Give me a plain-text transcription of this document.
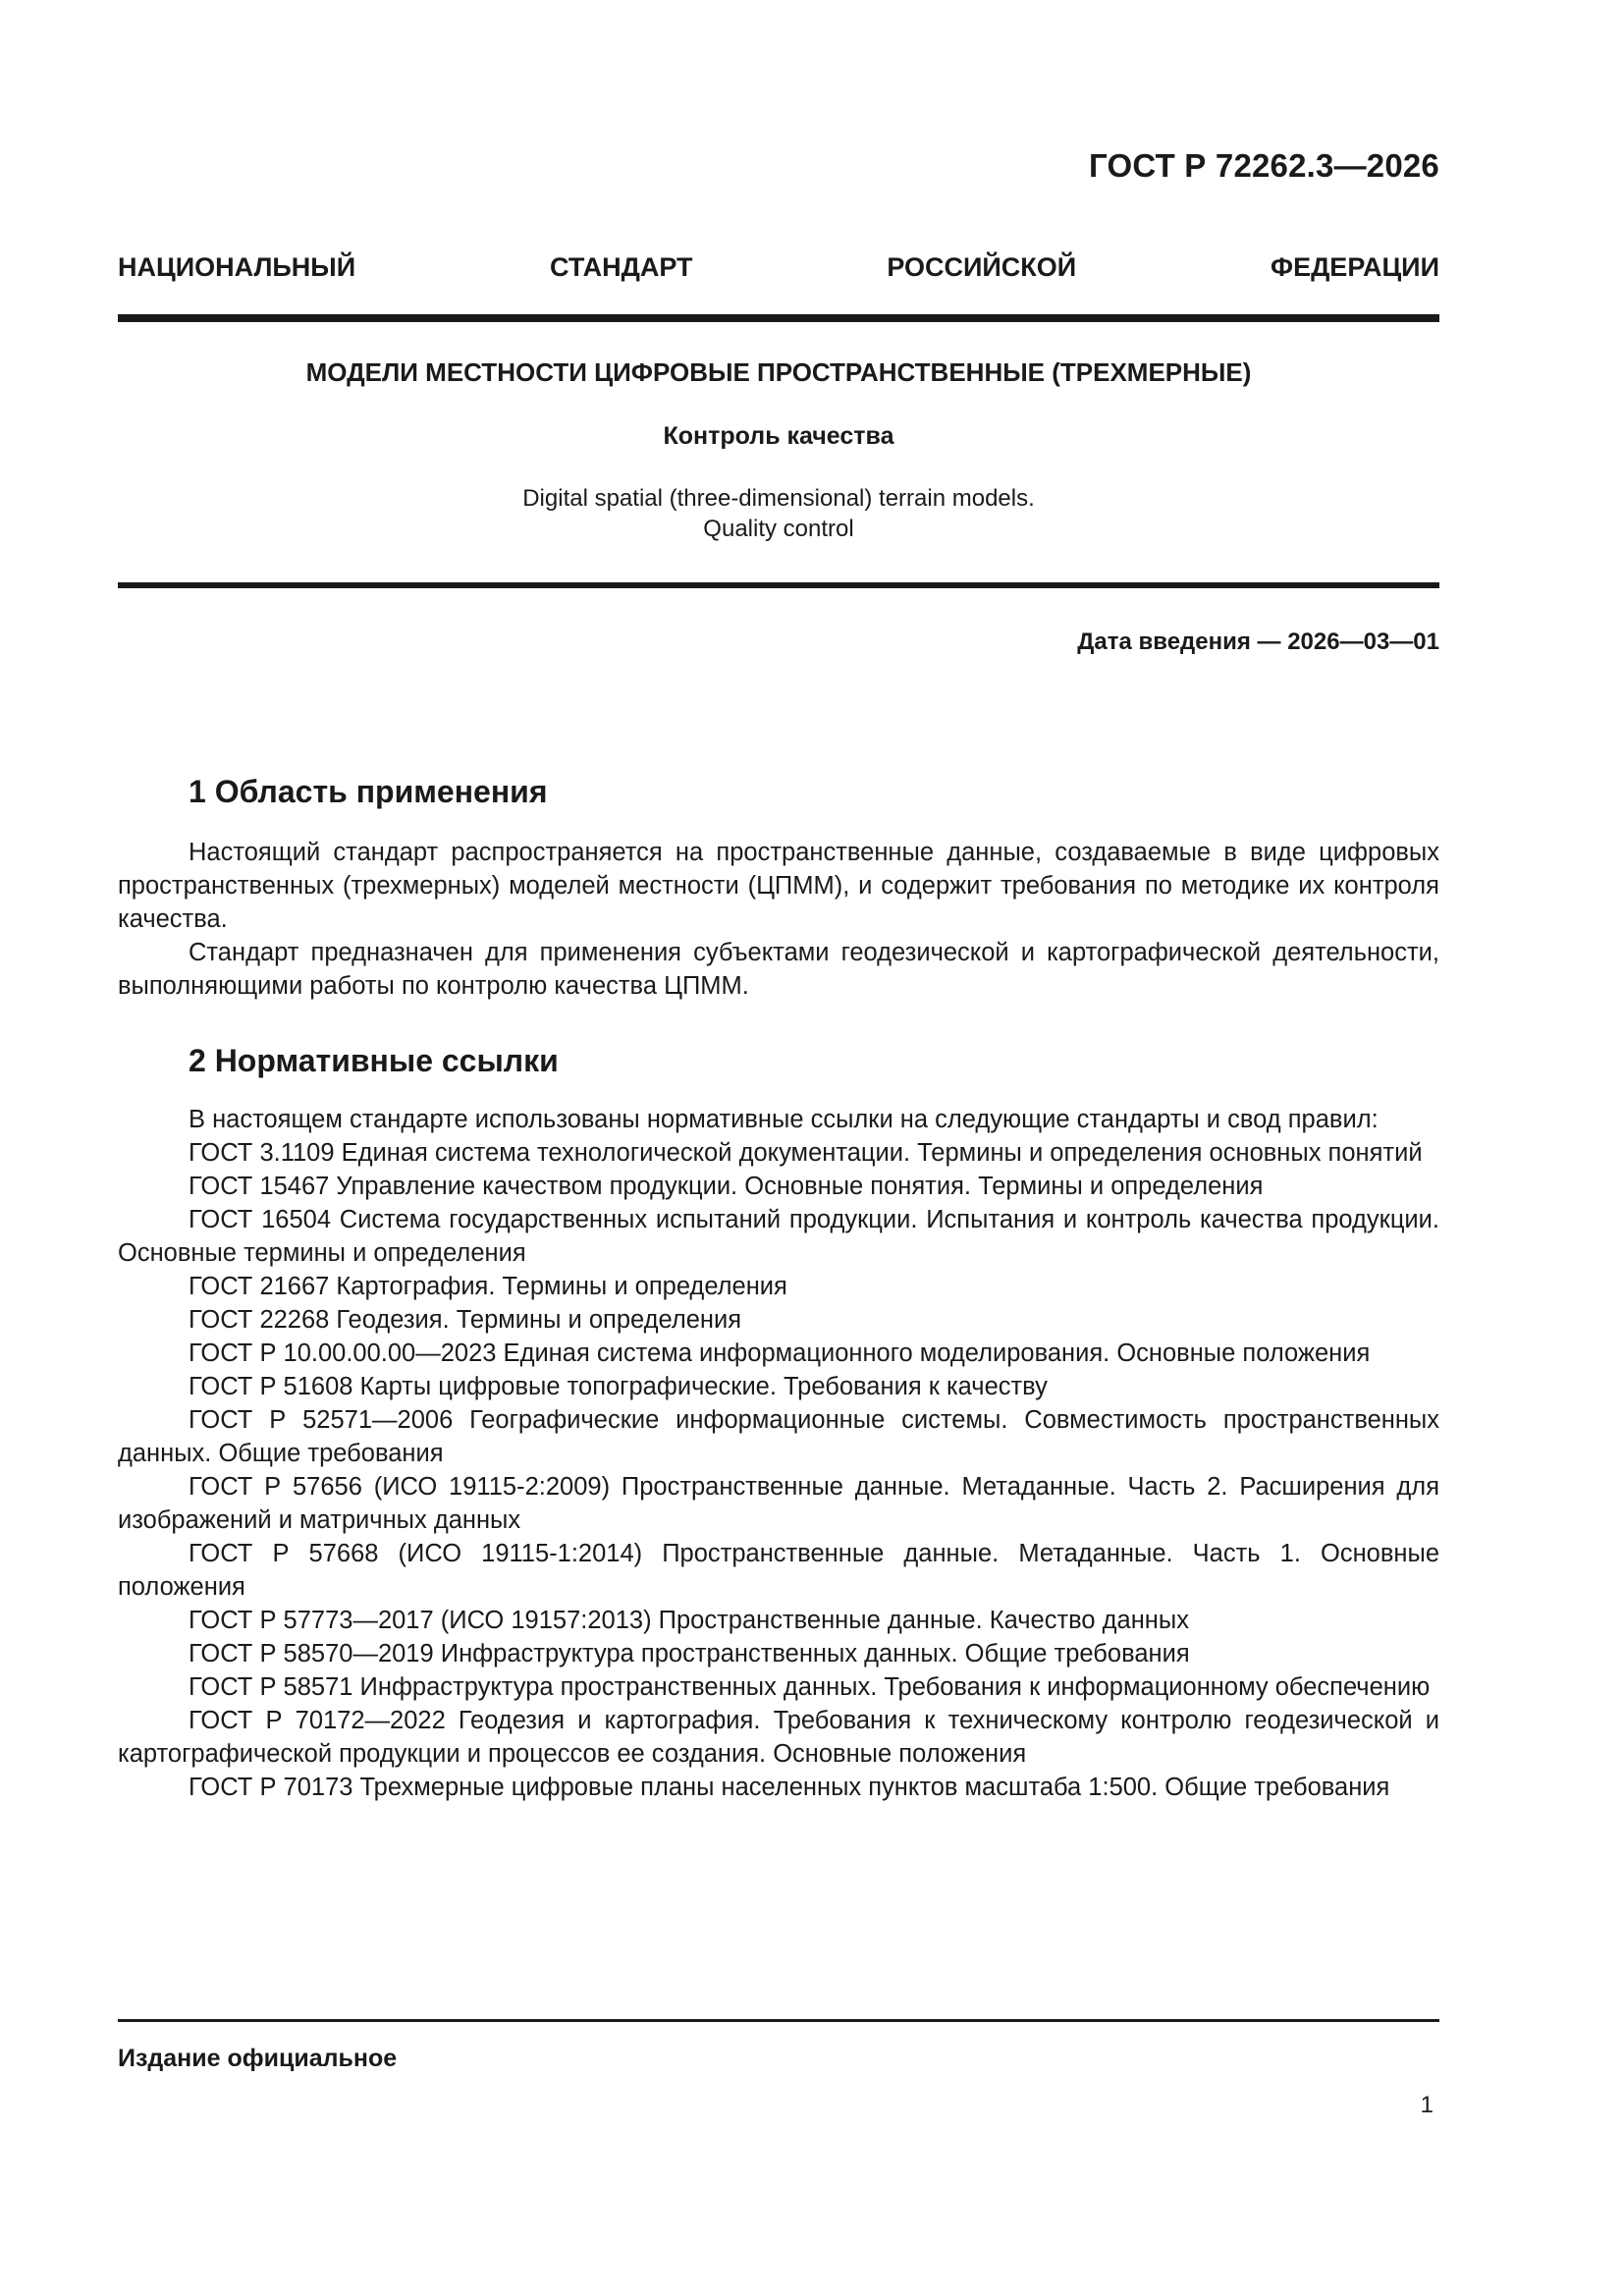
ГОСТ Р 72262.3—2026
НАЦИОНАЛЬНЫЙ СТАНДАРТ РОССИЙСКОЙ ФЕДЕРАЦИИ
МОДЕЛИ МЕСТНОСТИ ЦИФРОВЫЕ ПРОСТРАНСТВЕННЫЕ (ТРЕХМЕРНЫЕ)
Контроль качества
Digital spatial (three-dimensional) terrain models.
Quality control
Дата введения — 2026—03—01
1 Область применения

Настоящий стандарт распространяется на пространственные данные, создаваемые в виде цифровых пространственных (трехмерных) моделей местности (ЦПММ), и содержит требования по методике их контроля качества.

Стандарт предназначен для применения субъектами геодезической и картографической деятельности, выполняющими работы по контролю качества ЦПММ.

2 Нормативные ссылки

В настоящем стандарте использованы нормативные ссылки на следующие стандарты и свод правил:

ГОСТ 3.1109 Единая система технологической документации. Термины и определения основных понятий

ГОСТ 15467 Управление качеством продукции. Основные понятия. Термины и определения

ГОСТ 16504 Система государственных испытаний продукции. Испытания и контроль качества продукции. Основные термины и определения

ГОСТ 21667 Картография. Термины и определения

ГОСТ 22268 Геодезия. Термины и определения

ГОСТ Р 10.00.00.00—2023 Единая система информационного моделирования. Основные положения

ГОСТ Р 51608 Карты цифровые топографические. Требования к качеству

ГОСТ Р 52571—2006 Географические информационные системы. Совместимость пространственных данных. Общие требования

ГОСТ Р 57656 (ИСО 19115-2:2009) Пространственные данные. Метаданные. Часть 2. Расширения для изображений и матричных данных

ГОСТ Р 57668 (ИСО 19115-1:2014) Пространственные данные. Метаданные. Часть 1. Основные положения

ГОСТ Р 57773—2017 (ИСО 19157:2013) Пространственные данные. Качество данных

ГОСТ Р 58570—2019 Инфраструктура пространственных данных. Общие требования

ГОСТ Р 58571 Инфраструктура пространственных данных. Требования к информационному обеспечению

ГОСТ Р 70172—2022 Геодезия и картография. Требования к техническому контролю геодезической и картографической продукции и процессов ее создания. Основные положения

ГОСТ Р 70173 Трехмерные цифровые планы населенных пунктов масштаба 1:500. Общие требования

Издание официальное
1
